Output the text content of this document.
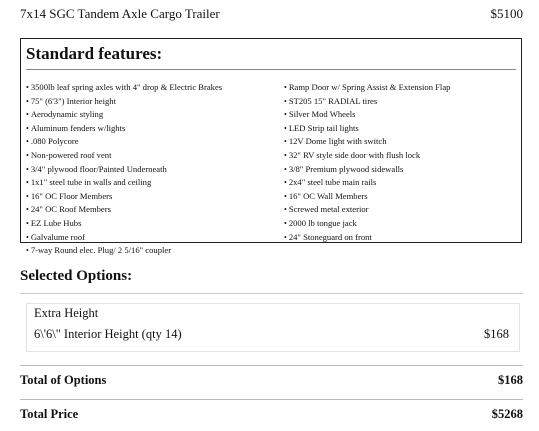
7x14 SGC Tandem Axle Cargo Trailer	$5100
Standard features:
• 3500lb leaf spring axles with 4" drop & Electric Brakes
• 75" (6'3") Interior height
• Aerodynamic styling
• Aluminum fenders w/lights
• .080 Polycore
• Non-powered roof vent
• 3/4" plywood floor/Painted Underneath
• 1x1" steel tube in walls and ceiling
• 16" OC Floor Members
• 24" OC Roof Members
• EZ Lube Hubs
• Galvalume roof
• 7-way Round elec. Plug/ 2 5/16" coupler
• Ramp Door w/ Spring Assist & Extension Flap
• ST205 15" RADIAL tires
• Silver Mod Wheels
• LED Strip tail lights
• 12V Dome light with switch
• 32" RV style side door with flush lock
• 3/8" Premium plywood sidewalls
• 2x4" steel tube main rails
• 16" OC Wall Members
• Screwed metal exterior
• 2000 lb tongue jack
• 24" Stoneguard on front
Selected Options:
Extra Height
6\'6\" Interior Height (qty 14)	$168
Total of Options	$168
Total Price	$5268
